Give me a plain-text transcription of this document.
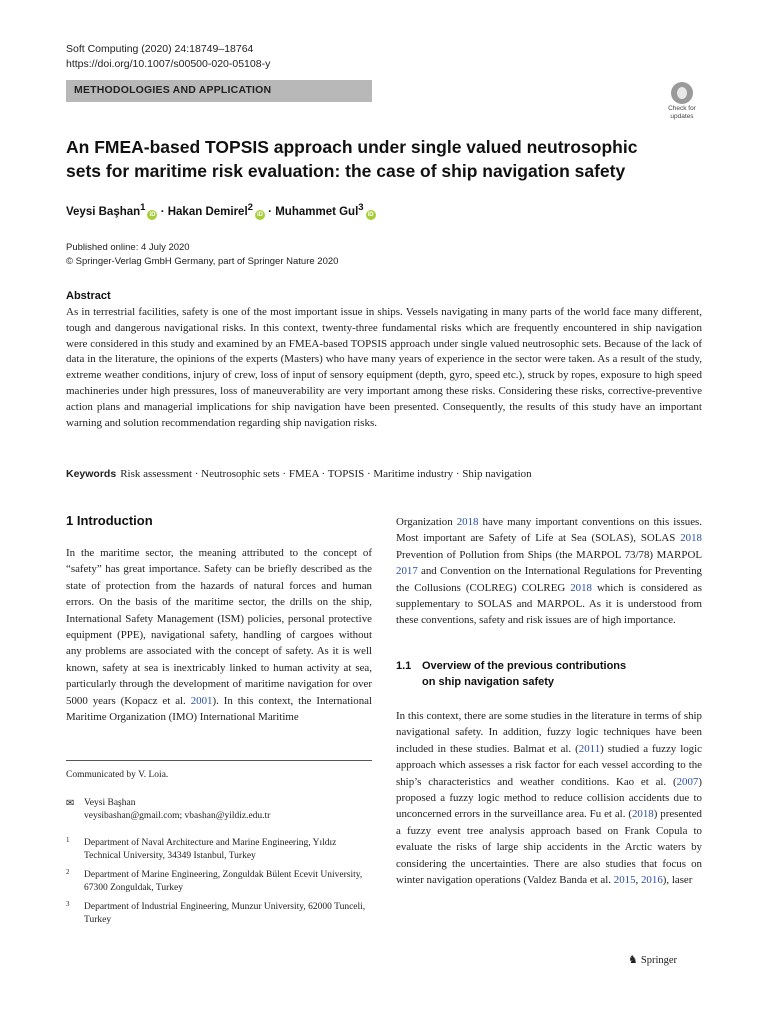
Soft Computing (2020) 24:18749–18764
https://doi.org/10.1007/s00500-020-05108-y
METHODOLOGIES AND APPLICATION
Check for
updates
An FMEA-based TOPSIS approach under single valued neutrosophic sets for maritime risk evaluation: the case of ship navigation safety
Veysi Başhan$^1$iD · Hakan Demirel$^2$iD · Muhammet Gul$^3$iD
Published online: 4 July 2020
© Springer-Verlag GmbH Germany, part of Springer Nature 2020
Abstract

As in terrestrial facilities, safety is one of the most important issue in ships. Vessels navigating in many parts of the world face many different, tough and dangerous navigational risks. In this context, twenty-three fundamental risks which are frequently encountered in ship navigation were considered in this study and examined by an FMEA-based TOPSIS approach under single valued neutrosophic sets. Because of the lack of data in the literature, the opinions of the experts (Masters) who have many years of experience in the sector were taken. As a result of the study, extreme weather conditions, injury of crew, loss of input of sensory equipment (depth, gyro, speed etc.), struck by ropes, exposure to high speed machineries under high pressures, loss of maneuverability are very important among these risks. Considering these risks, corrective-preventive action plans and managerial implications for ship navigation have been presented. Consequently, the results of this study have an important warning and solution recommendation regarding ship navigation risks.

Keywords Risk assessment · Neutrosophic sets · FMEA · TOPSIS · Maritime industry · Ship navigation
1 Introduction

In the maritime sector, the meaning attributed to the concept of “safety” has great importance. Safety can be briefly described as the state of protection from the hazards of natural forces and human errors. On the basis of the maritime sector, the drills on the ship, International Safety Management (ISM) policies, personal protective equipment (PPE), navigational safety, handling of cargoes without any problems are associated with the concept of safety. As it is well known, safety at sea is inextricably linked to human activity at sea, particularly through the development of maritime navigation for over 5000 years (Kopacz et al. 2001). In this context, the International Maritime Organization (IMO) International Maritime

Communicated by V. Loia.
✉ Veysi Başhan
veysibashan@gmail.com; vbashan@yildiz.edu.tr
1 Department of Naval Architecture and Marine Engineering, Yıldız Technical University, 34349 Istanbul, Turkey
2 Department of Marine Engineering, Zonguldak Bülent Ecevit University, 67300 Zonguldak, Turkey
3 Department of Industrial Engineering, Munzur University, 62000 Tunceli, Turkey

Organization 2018 have many important conventions on this issues. Most important are Safety of Life at Sea (SOLAS), SOLAS 2018 Prevention of Pollution from Ships (the MARPOL 73/78) MARPOL 2017 and Convention on the International Regulations for Preventing the Collusions (COLREG) COLREG 2018 which is considered as supplementary to SOLAS and MARPOL. As it is understood from these conventions, safety and risk issues are of high importance.

1.1 Overview of the previous contributions
on ship navigation safety

In this context, there are some studies in the literature in terms of ship navigational safety. In addition, fuzzy logic techniques have been included in these studies. Balmat et al. (2011) studied a fuzzy logic approach which assesses a risk factor for each vessel according to the ship’s characteristics and weather conditions. Kao et al. (2007) proposed a fuzzy logic method to reduce collision accidents due to unconcerned errors in the surveillance area. Fu et al. (2018) presented a fuzzy event tree analysis approach based on Frank Copula to evaluate the risks of large ship accidents in the Arctic waters by considering the uncertainties. There are also studies that focus on winter navigation operations (Valdez Banda et al. 2015, 2016), laser

♞ Springer
